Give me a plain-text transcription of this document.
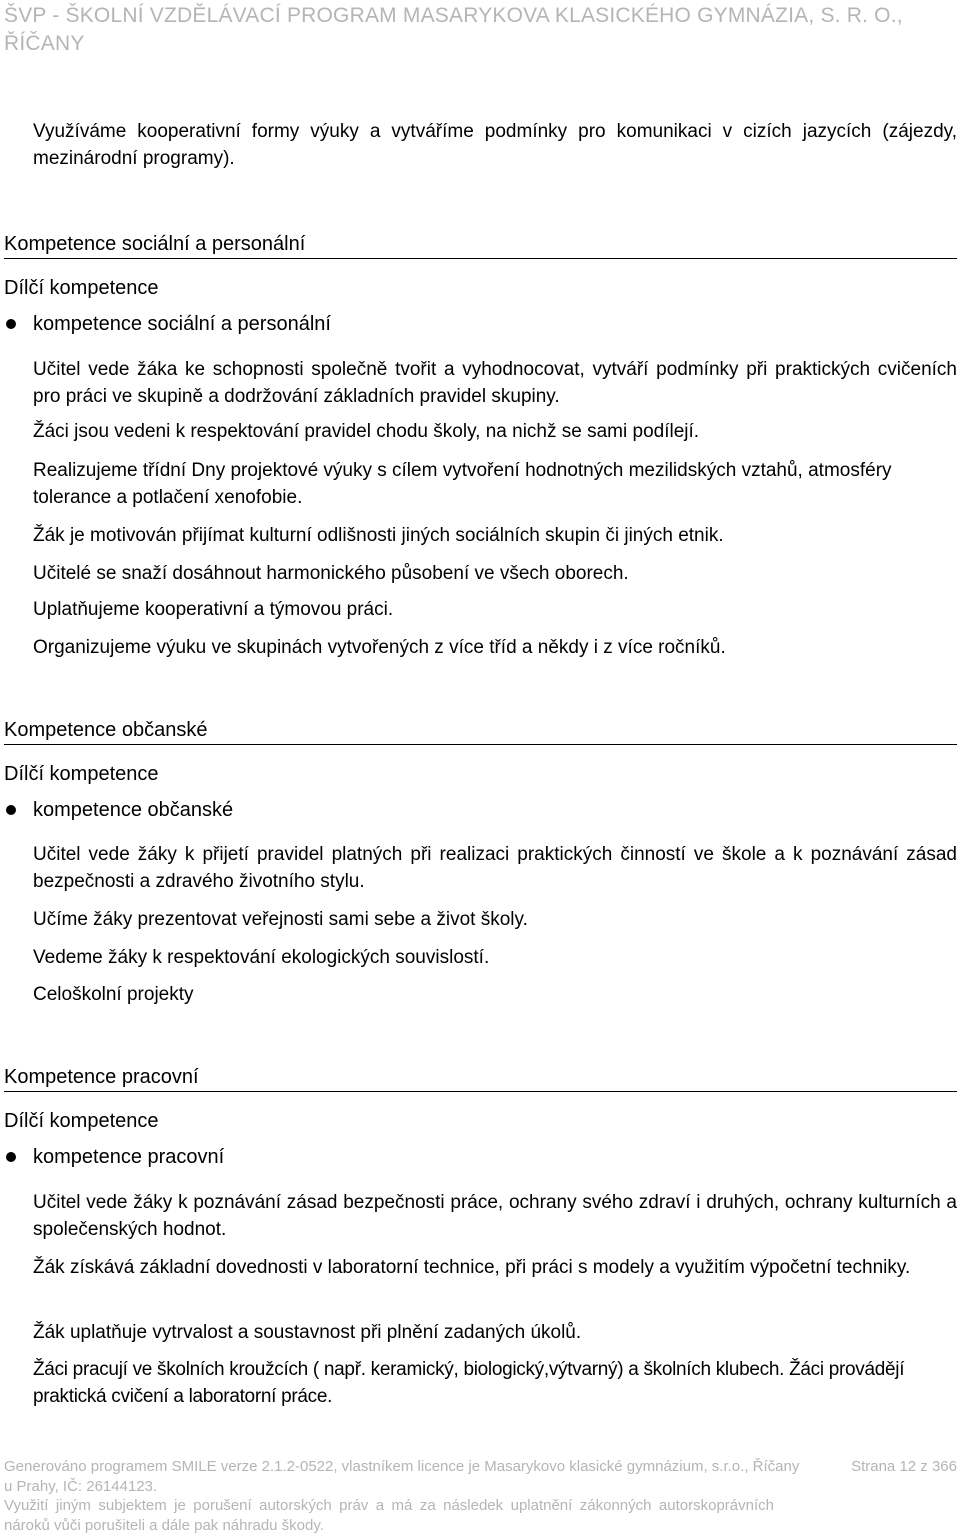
ŠVP - ŠKOLNÍ VZDĚLÁVACÍ PROGRAM MASARYKOVA KLASICKÉHO GYMNÁZIA, S. R. O., ŘÍČANY

Využíváme kooperativní formy výuky a vytváříme podmínky pro komunikaci v cizích jazycích (zájezdy, mezinárodní programy).

Kompetence sociální a personální
Dílčí kompetence
kompetence sociální a personální

Učitel vede žáka ke schopnosti společně tvořit a vyhodnocovat, vytváří podmínky při praktických cvičeních pro práci ve skupině a dodržování základních pravidel skupiny.

Žáci jsou vedeni k respektování pravidel chodu školy, na nichž se sami podílejí.

Realizujeme třídní Dny projektové výuky s cílem vytvoření hodnotných mezilidských vztahů, atmosféry tolerance a potlačení xenofobie.

Žák je motivován přijímat kulturní odlišnosti jiných sociálních skupin či jiných etnik.

Učitelé se snaží dosáhnout harmonického působení ve všech oborech.

Uplatňujeme kooperativní a týmovou práci.

Organizujeme výuku ve skupinách vytvořených z více tříd a někdy i z více ročníků.

Kompetence občanské
Dílčí kompetence
kompetence občanské

Učitel vede žáky k přijetí pravidel platných při realizaci praktických činností ve škole a k poznávání zásad bezpečnosti a zdravého životního stylu.

Učíme žáky prezentovat veřejnosti sami sebe a život školy.

Vedeme žáky k respektování ekologických souvislostí.

Celoškolní projekty

Kompetence pracovní
Dílčí kompetence
kompetence pracovní

Učitel vede žáky k poznávání zásad bezpečnosti práce, ochrany svého zdraví i druhých, ochrany kulturních a společenských hodnot.

Žák získává základní dovednosti v laboratorní technice, při práci s modely a využitím výpočetní techniky.

Žák uplatňuje vytrvalost a soustavnost při plnění zadaných úkolů.

Žáci pracují ve školních kroužcích ( např. keramický, biologický,výtvarný) a školních klubech. Žáci provádějí praktická cvičení a laboratorní práce.

Generováno programem SMILE verze 2.1.2-0522, vlastníkem licence je Masarykovo klasické gymnázium, s.r.o., Říčany u Prahy, IČ: 26144123.

Strana 12 z 366

Využití jiným subjektem je porušení autorských práv a má za následek uplatnění zákonných autorskoprávních nároků vůči porušiteli a dále pak náhradu škody.
